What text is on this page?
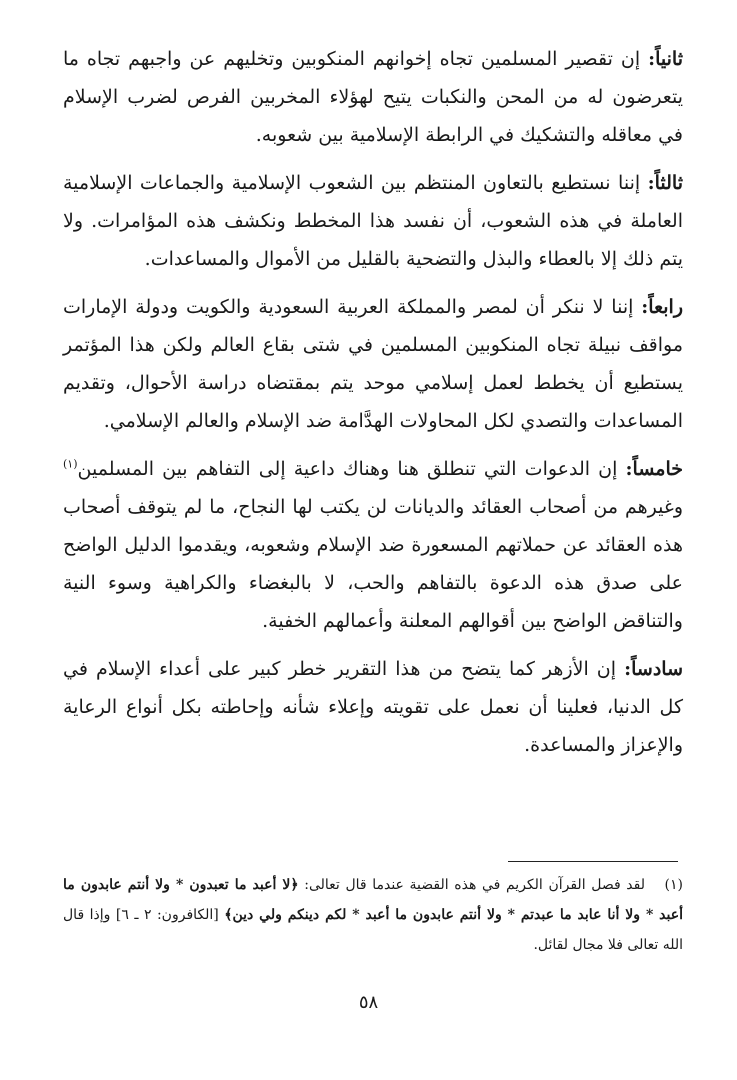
ثانياً: إن تقصير المسلمين تجاه إخوانهم المنكوبين وتخليهم عن واجبهم تجاه ما يتعرضون له من المحن والنكبات يتيح لهؤلاء المخربين الفرص لضرب الإسلام في معاقله والتشكيك في الرابطة الإسلامية بين شعوبه.

ثالثاً: إننا نستطيع بالتعاون المنتظم بين الشعوب الإسلامية والجماعات الإسلامية العاملة في هذه الشعوب، أن نفسد هذا المخطط ونكشف هذه المؤامرات. ولا يتم ذلك إلا بالعطاء والبذل والتضحية بالقليل من الأموال والمساعدات.

رابعاً: إننا لا ننكر أن لمصر والمملكة العربية السعودية والكويت ودولة الإمارات مواقف نبيلة تجاه المنكوبين المسلمين في شتى بقاع العالم ولكن هذا المؤتمر يستطيع أن يخطط لعمل إسلامي موحد يتم بمقتضاه دراسة الأحوال، وتقديم المساعدات والتصدي لكل المحاولات الهدَّامة ضد الإسلام والعالم الإسلامي.

خامساً: إن الدعوات التي تنطلق هنا وهناك داعية إلى التفاهم بين المسلمين$^{(١)}$ وغيرهم من أصحاب العقائد والديانات لن يكتب لها النجاح، ما لم يتوقف أصحاب هذه العقائد عن حملاتهم المسعورة ضد الإسلام وشعوبه، ويقدموا الدليل الواضح على صدق هذه الدعوة بالتفاهم والحب، لا بالبغضاء والكراهية وسوء النية والتناقض الواضح بين أقوالهم المعلنة وأعمالهم الخفية.

سادساً: إن الأزهر كما يتضح من هذا التقرير خطر كبير على أعداء الإسلام في كل الدنيا، فعلينا أن نعمل على تقويته وإعلاء شأنه وإحاطته بكل أنواع الرعاية والإعزاز والمساعدة.

(١)لقد فصل القرآن الكريم في هذه القضية عندما قال تعالى: ﴿لا أعبد ما تعبدون * ولا أنتم عابدون ما أعبد * ولا أنا عابد ما عبدتم * ولا أنتم عابدون ما أعبد * لكم دينكم ولي دين﴾ [الكافرون: ٢ ـ ٦] وإذا قال الله تعالى فلا مجال لقائل.
٥٨
